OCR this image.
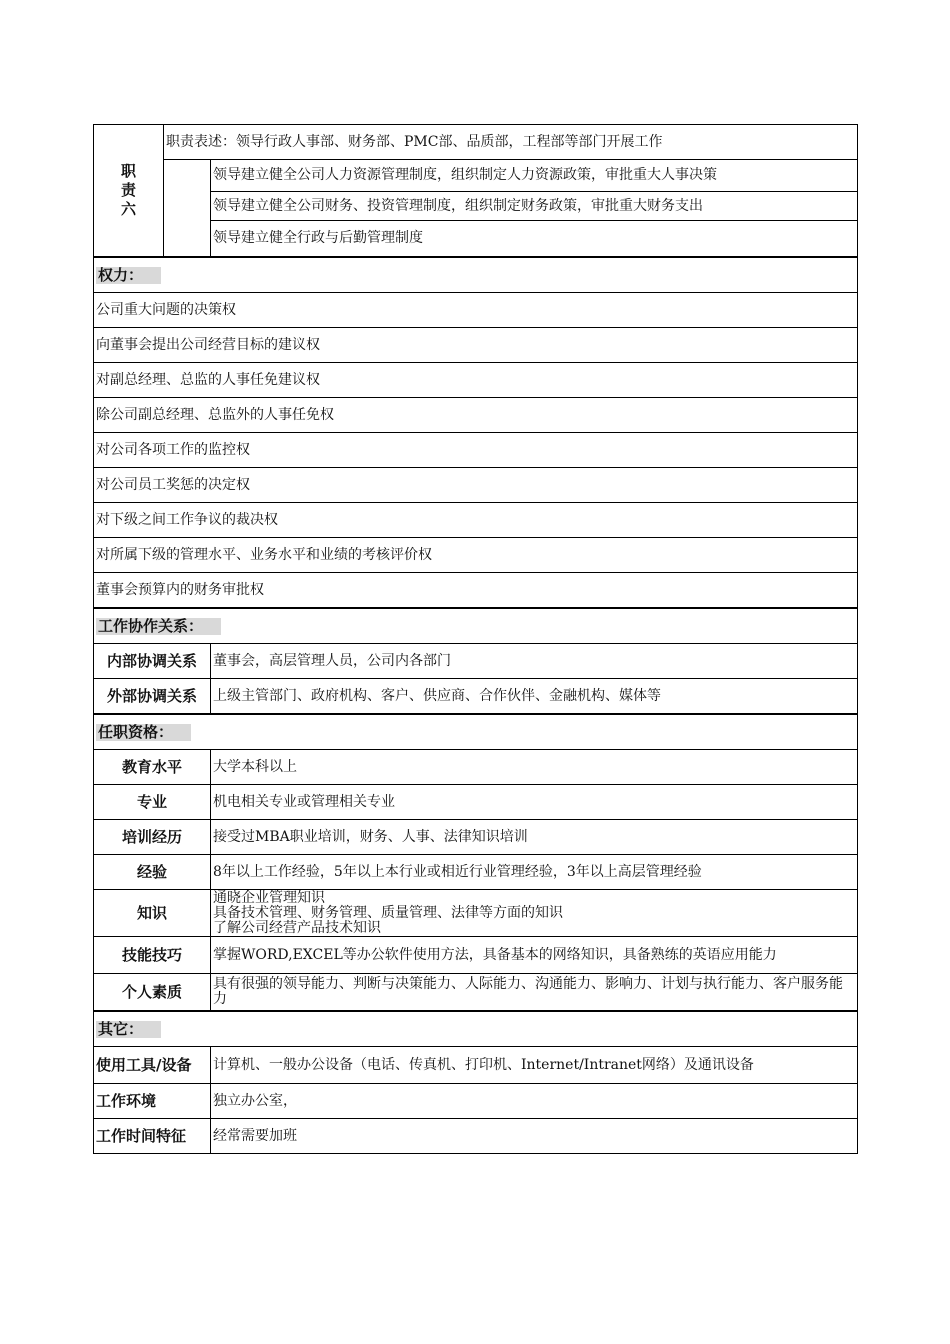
职
责
六	职责表述：领导行政人事部、财务部、PMC部、品质部，工程部等部门开展工作	
		领导建立健全公司人力资源管理制度，组织制定人力资源政策，审批重大人事决策
		领导建立健全公司财务、投资管理制度，组织制定财务政策，审批重大财务支出
		领导建立健全行政与后勤管理制度
权力：		
公司重大问题的决策权		
向董事会提出公司经营目标的建议权		
对副总经理、总监的人事任免建议权		
除公司副总经理、总监外的人事任免权		
对公司各项工作的监控权		
对公司员工奖惩的决定权		
对下级之间工作争议的裁决权		
对所属下级的管理水平、业务水平和业绩的考核评价权		
董事会预算内的财务审批权		
工作协作关系：		
内部协调关系		董事会，高层管理人员，公司内各部门
外部协调关系		上级主管部门、政府机构、客户、供应商、合作伙伴、金融机构、媒体等
任职资格：		
教育水平		大学本科以上
专业		机电相关专业或管理相关专业
培训经历		接受过MBA职业培训，财务、人事、法律知识培训
经验		8年以上工作经验，5年以上本行业或相近行业管理经验，3年以上高层管理经验
知识		通晓企业管理知识
具备技术管理、财务管理、质量管理、法律等方面的知识
了解公司经营产品技术知识
技能技巧		掌握WORD,EXCEL等办公软件使用方法，具备基本的网络知识，具备熟练的英语应用能力
个人素质		具有很强的领导能力、判断与决策能力、人际能力、沟通能力、影响力、计划与执行能力、客户服务能力
其它：		
使用工具/设备		计算机、一般办公设备（电话、传真机、打印机、Internet/Intranet网络）及通讯设备
工作环境		独立办公室，
工作时间特征		经常需要加班
